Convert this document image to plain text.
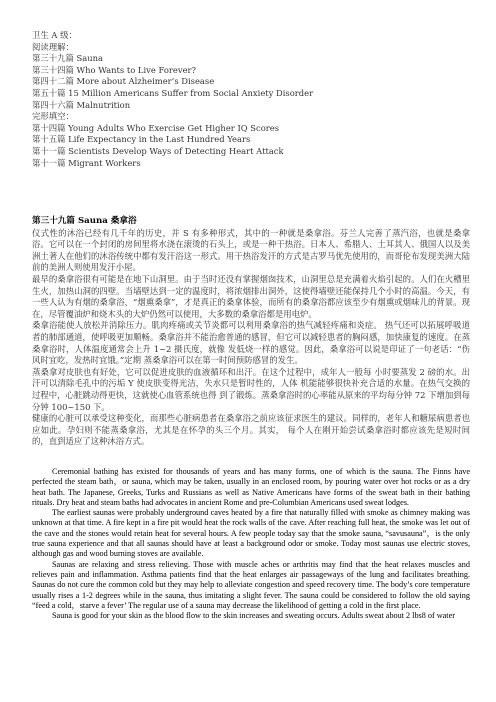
卫生 A 级：
阅读理解：
第三十九篇 Sauna
第三十四篇 Who Wants to Live Forever?
第四十二篇 More about Alzheimer’s Disease
第五十篇 15 Million Americans Suffer from Social Anxiety Disorder
第四十六篇 Malnutrition
完形填空：
第十四篇 Young Adults Who Exercise Get Higher IQ Scores
第十五篇 Life Expectancy in the Last Hundred Years
第十一篇 Scientists Develop Ways of Detecting Heart Attack
第十一篇 Migrant Workers

第三十九篇 Sauna 桑拿浴

仪式性的沐浴已经有几千年的历史，并 S 有多种形式，其中的一种就是桑拿浴。芬兰人完善了蒸汽浴，也就是桑拿浴。它可以在一个封闭的房间里将水浇在滚烫的石头上，或是一种干热浴。日本人、希腊人、土耳其人、俄国人以及美洲土著人在他们的沐浴传统中都有发汗浴这一形式。用干热浴发汗的方式是古罗马优先使用的，而哥伦布发现美洲大陆前的美洲人则使用发汗小屋。

最早的桑拿浴很有可能是在地下山洞里。由于当时还没有掌握烟囱技术，山洞里总是充满着火焰引起的。人们在火槽里生火，加热山洞的四壁。当墙壁达到一定的温度时，将浓烟排出洞外，这使得墙壁还能保持几个小时的高温。今天，有一些人认为有烟的桑拿浴，“烟熏桑拿”，才是真正的桑拿体验，而所有的桑拿浴都应该至少有烟熏或烟味儿的背景。现在，尽管覆油炉和烧木头的大炉仍然可以使用，大多数的桑拿浴都是用电炉。

桑拿浴能使人放松并消除压力。肌肉疼痛或关节炎都可以利用桑拿浴的热气减轻疼痛和炎症。 热气还可以拓展呼吸道者的肺部通道，使呼吸更加顺畅。桑拿浴并不能治愈普通的感冒，但它可以减轻患者的胸闷感，加快康复的速度。在蒸桑拿浴时，人体温度通常会上升 1~2 摄氏度，就像 发低烧一样的感觉。因此，桑拿浴可以说是印证了一句老话：“伤风时宜吃，发热时宜饿。”定期 蒸桑拿浴可以在第一时间预防感冒的发生。

蒸桑拿对皮肤也有好处，它可以促进皮肤的血液循环和出汗。在这个过程中，成年人一般每 小时要蒸发 2 磅的水。出汗可以清除毛孔中的污垢 Y 使皮肤变得光洁，失水只是暂时性的，人体 机能能够很快补充合适的水量。在热气交换的过程中，心脏跳动得更快，这就使心血管系统也得 到了锻炼。蒸桑拿浴时的心率能从原来的平均每分钟 72 下增加到每分钟 100~150 下。

健康的心脏可以承受这种变化，而那些心脏病患者在桑拿浴之前应该征求医生的建议。同样的，老年人和糖尿病患者也应如此。孕妇则不能蒸桑拿浴，尤其是在怀孕的头三个月。其实， 每个人在刚开始尝试桑拿浴时都应该先是短时间的，直到适应了这种沐浴方式。

Ceremonial bathing has existed for thousands of years and has many forms, one of which is the sauna. The Finns have perfected the steam bath，or sauna, which may be taken, usually in an enclosed room, by pouring water over hot rocks or as a dry heat bath. The Japanese, Greeks, Turks and Russians as well as Native Americans have forms of the sweat bath in their bathing rituals. Dry heat and steam baths had advocates in ancient Rome and pre-Columbian Americans used sweat lodges.

The earliest saunas were probably underground caves heated by a fire that naturally filled with smoke as chimney making was unknown at that time. A fire kept in a fire pit would heat the rock walls of the cave. After reaching full heat, the smoke was let out of the cave and the stones would retain heat for several hours. A few people today say that the smoke sauna, “savusauna”，is the only true sauna experience and that all saunas should have at least a background odor or smoke. Today most saunas use electric stoves, although gas and wood burning stoves are available.

Saunas are relaxing and stress relieving. Those with muscle aches or arthritis may find that the heat relaxes muscles and relieves pain and inflammation. Asthma patients find that the heat enlarges air passageways of the lung and facilitates breathing. Saunas do not cure the common cold but they may help to alleviate congestion and speed recovery time. The body’s core temperature usually rises a 1-2 degrees while in the sauna, thus imitating a slight fever. The sauna could be considered to follow the old saying “feed a cold，starve a fever’ The regular use of a sauna may decrease the likelihood of getting a cold in the first place.

Sauna is good for your skin as the blood flow to the skin increases and sweating occurs. Adults sweat about 2 lbs8 of water
